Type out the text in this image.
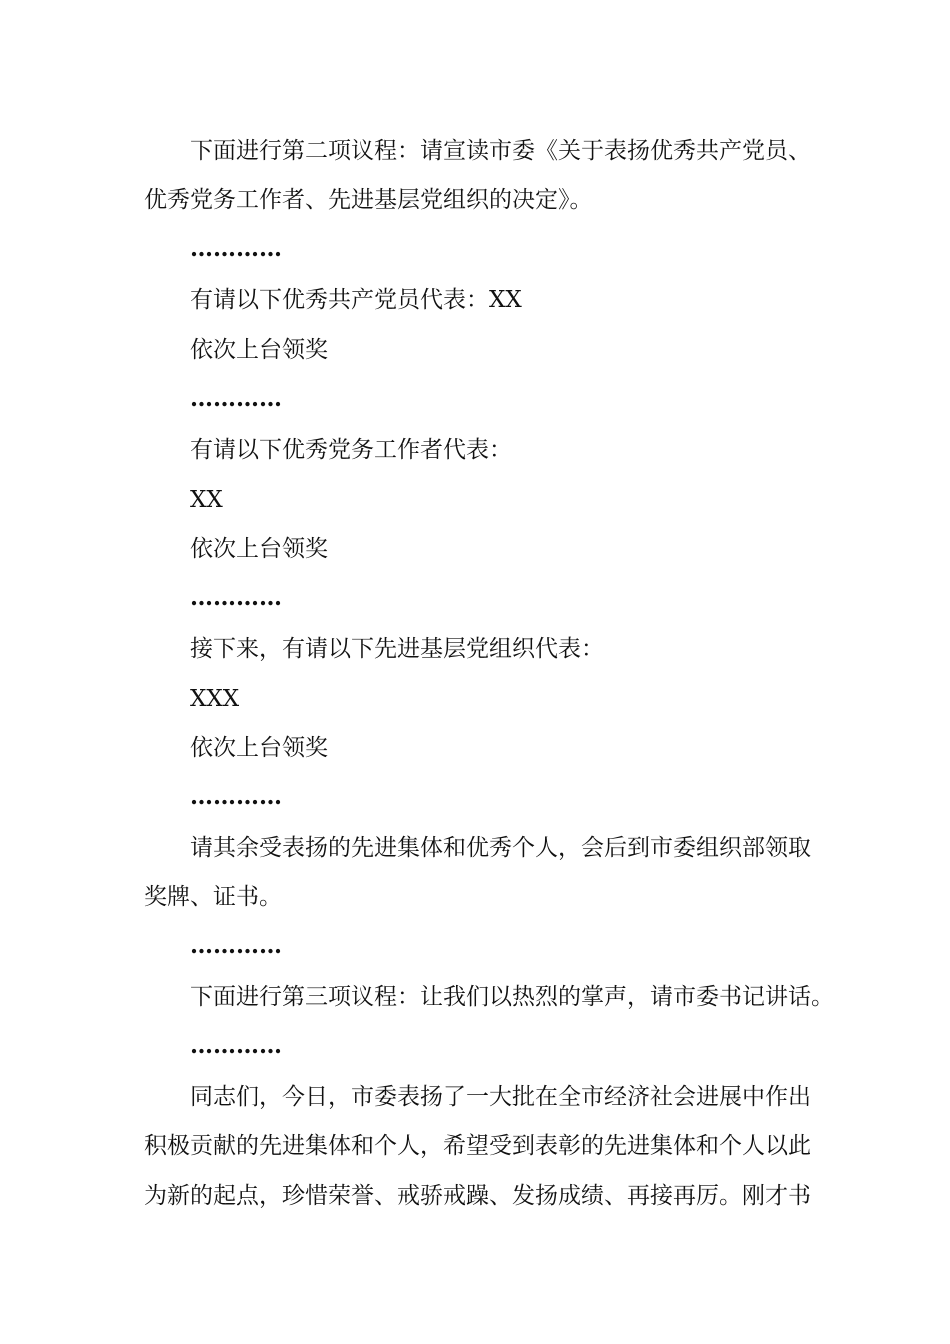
下面进行第二项议程：请宣读市委《关于表扬优秀共产党员、
优秀党务工作者、先进基层党组织的决定》。
…………
有请以下优秀共产党员代表：XX
依次上台领奖
…………
有请以下优秀党务工作者代表：
XX
依次上台领奖
…………
接下来，有请以下先进基层党组织代表：
XXX
依次上台领奖
…………
请其余受表扬的先进集体和优秀个人，会后到市委组织部领取
奖牌、证书。
…………
下面进行第三项议程：让我们以热烈的掌声，请市委书记讲话。
…………
同志们，今日，市委表扬了一大批在全市经济社会进展中作出
积极贡献的先进集体和个人，希望受到表彰的先进集体和个人以此
为新的起点，珍惜荣誉、戒骄戒躁、发扬成绩、再接再厉。刚才书
